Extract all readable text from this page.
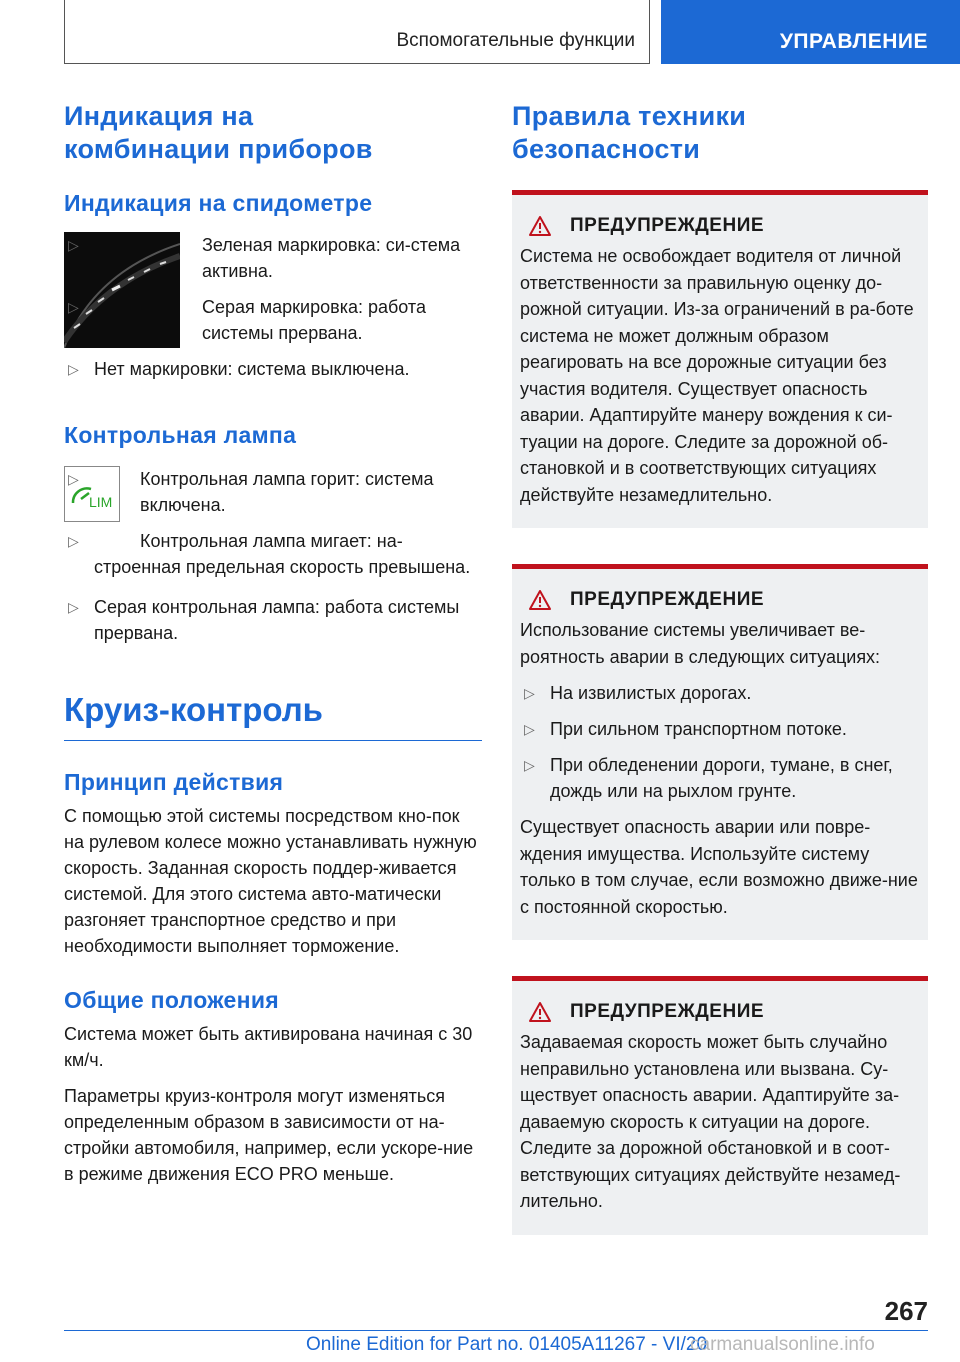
Вспомогательные функции	УПРАВЛЕНИЕ
Индикация на комбинации приборов
Индикация на спидометре
▷	Зеленая маркировка: си-стема активна.
▷	Серая маркировка: работа системы прервана.
▷ Нет маркировки: система выключена.
Контрольная лампа
LIM
▷	Контрольная лампа горит: система включена.
▷	Контрольная лампа мигает: на-строенная предельная скорость превышена.
▷ Серая контрольная лампа: работа системы прервана.
Круиз-контроль
Принцип действия

С помощью этой системы посредством кно-пок на рулевом колесе можно устанавливать нужную скорость. Заданная скорость поддер-живается системой. Для этого система авто-матически разгоняет транспортное средство и при необходимости выполняет торможение.

Общие положения

Система может быть активирована начиная с 30 км/ч.

Параметры круиз-контроля могут изменяться определенным образом в зависимости от на-стройки автомобиля, например, если ускоре-ние в режиме движения ECO PRO меньше.

Правила техники безопасности
ПРЕДУПРЕЖДЕНИЕ

Система не освобождает водителя от личной ответственности за правильную оценку до-рожной ситуации. Из-за ограничений в ра-боте система не может должным образом реагировать на все дорожные ситуации без участия водителя. Существует опасность аварии. Адаптируйте манеру вождения к си-туации на дороге. Следите за дорожной об-становкой и в соответствующих ситуациях действуйте незамедлительно.

ПРЕДУПРЕЖДЕНИЕ

Использование системы увеличивает ве-роятность аварии в следующих ситуациях:

▷ На извилистых дорогах.
▷ При сильном транспортном потоке.
▷ При обледенении дороги, тумане, в снег, дождь или на рыхлом грунте.

Существует опасность аварии или повре-ждения имущества. Используйте систему только в том случае, если возможно движе-ние с постоянной скоростью.

ПРЕДУПРЕЖДЕНИЕ

Задаваемая скорость может быть случайно неправильно установлена или вызвана. Су-ществует опасность аварии. Адаптируйте за-даваемую скорость к ситуации на дороге. Следите за дорожной обстановкой и в соот-ветствующих ситуациях действуйте незамед-лительно.

267
Online Edition for Part no. 01405A11267 - VI/20
carmanualsonline.info
